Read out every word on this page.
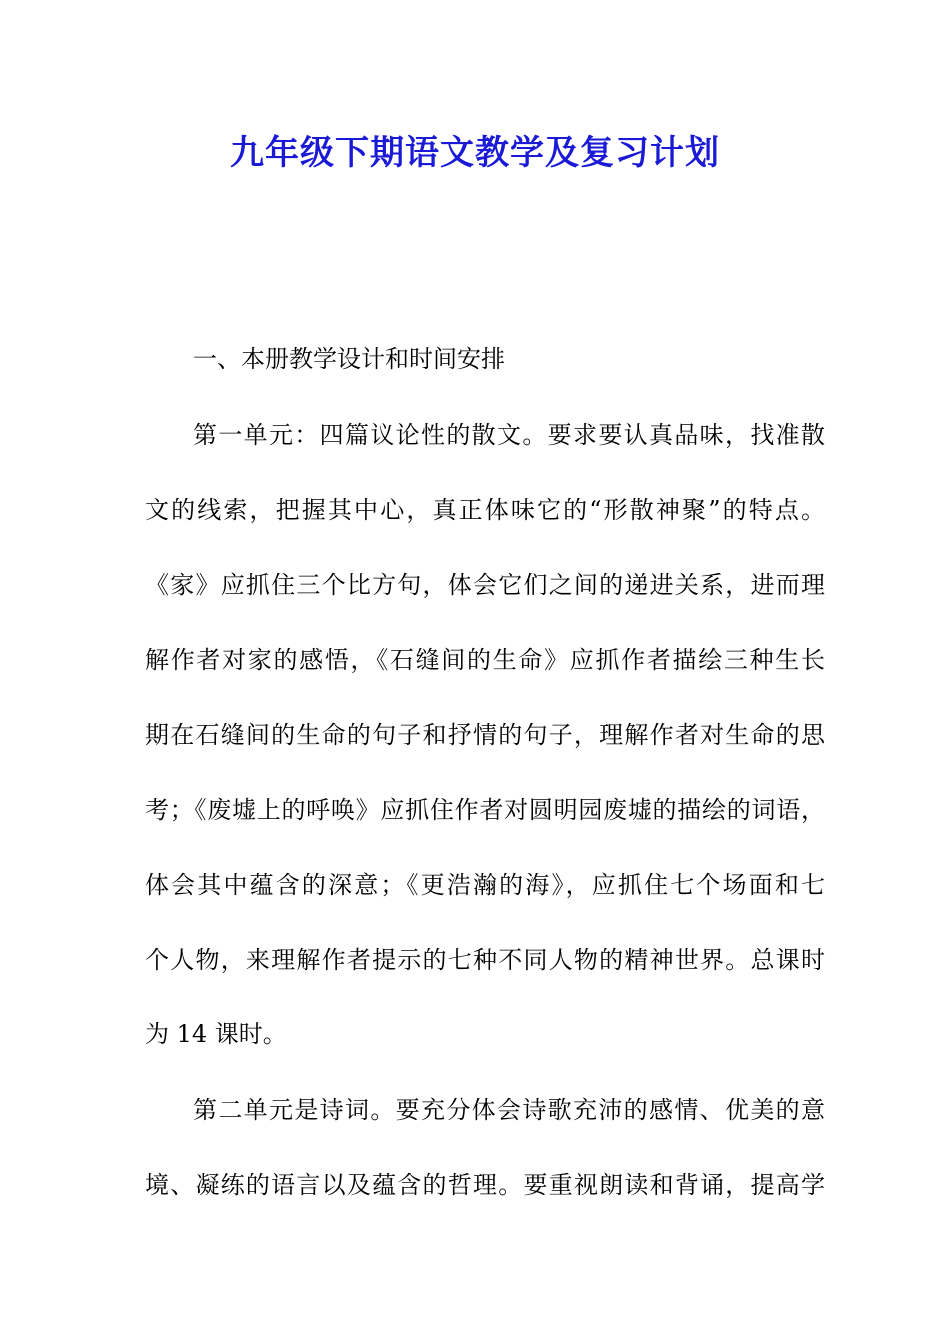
九年级下期语文教学及复习计划
一、本册教学设计和时间安排
第一单元：四篇议论性的散文。要求要认真品味，找准散
文的线索，把握其中心，真正体味它的“形散神聚”的特点。
《家》应抓住三个比方句，体会它们之间的递进关系，进而理
解作者对家的感悟，《石缝间的生命》应抓作者描绘三种生长
期在石缝间的生命的句子和抒情的句子，理解作者对生命的思
考；《废墟上的呼唤》应抓住作者对圆明园废墟的描绘的词语，
体会其中蕴含的深意；《更浩瀚的海》，应抓住七个场面和七
个人物，来理解作者提示的七种不同人物的精神世界。总课时
为 14 课时。
第二单元是诗词。要充分体会诗歌充沛的感情、优美的意
境、凝练的语言以及蕴含的哲理。要重视朗读和背诵，提高学
